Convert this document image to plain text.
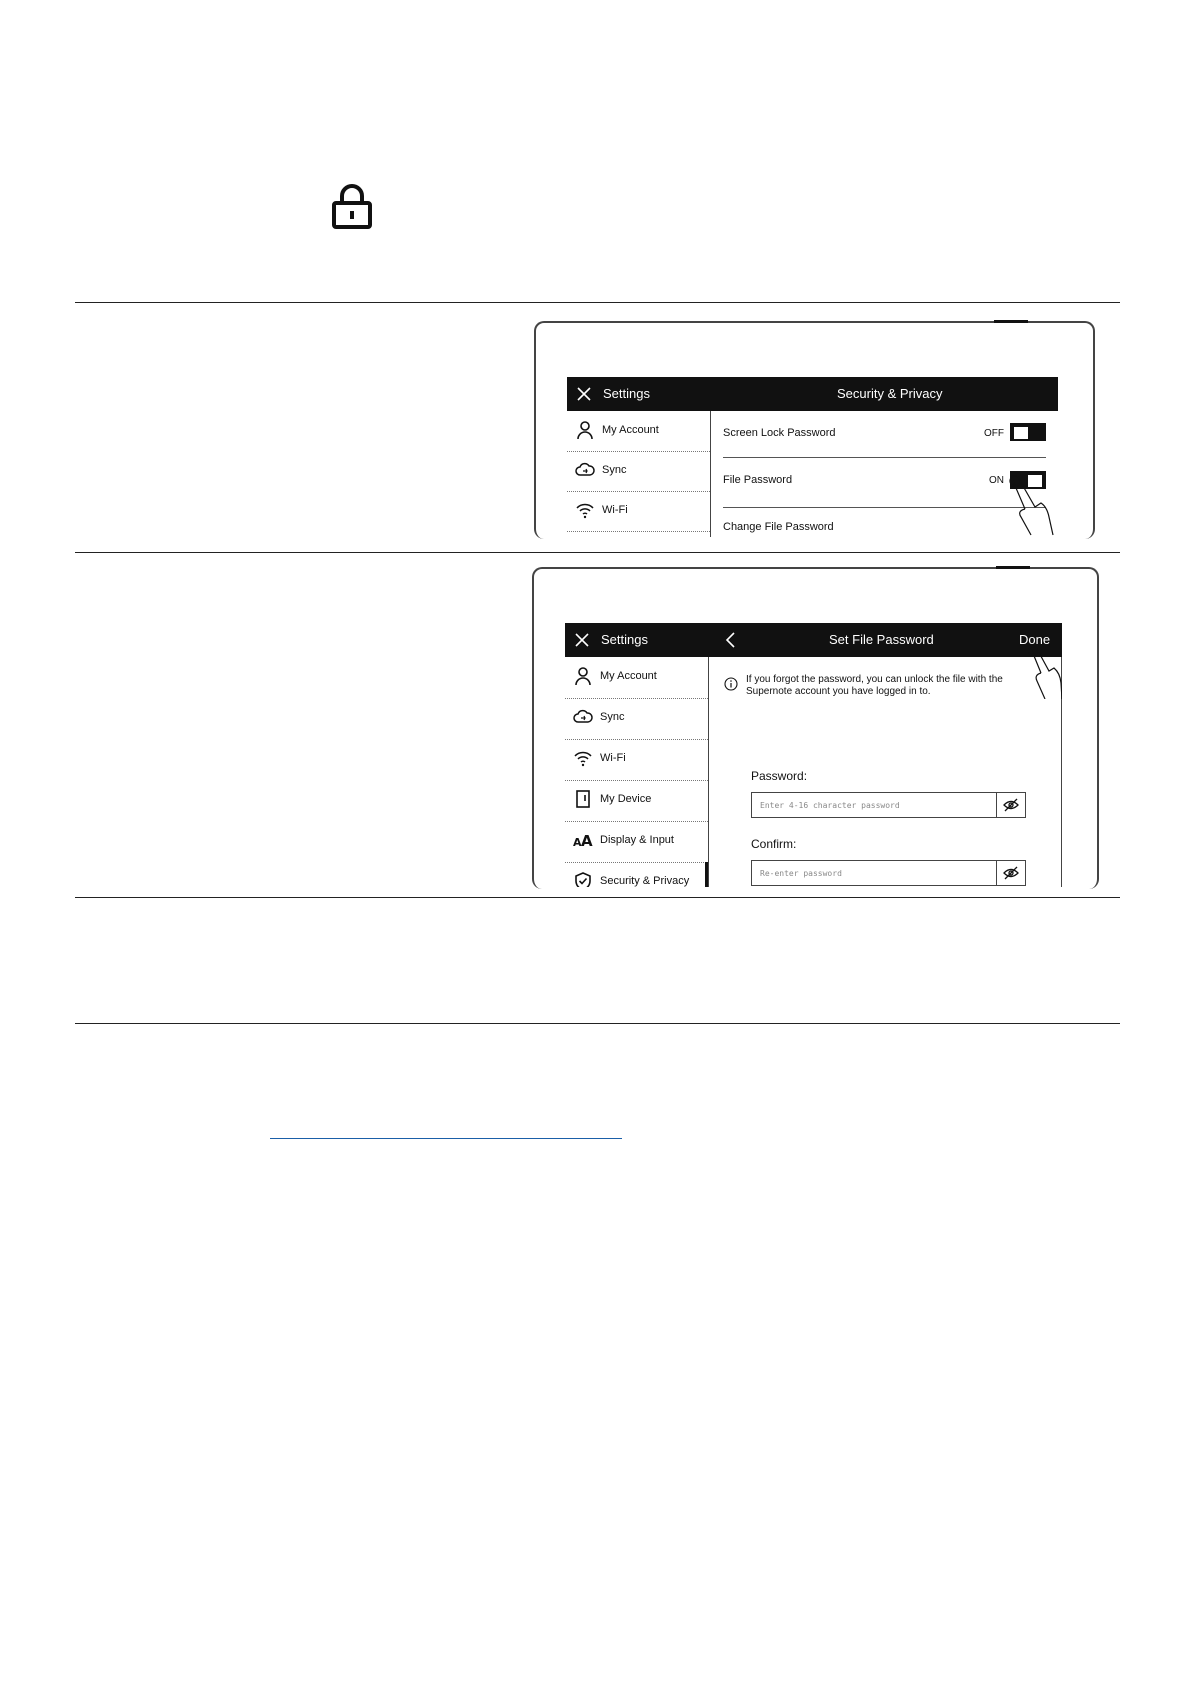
Settings	Security & Privacy
My Account
Sync
Wi-Fi
Screen Lock Password	OFF
File Password	ON
Change File Password
Settings	Set File Password	Done
My Account
Sync
Wi-Fi
My Device
A A Display & Input
Security & Privacy
If you forgot the password, you can unlock the file with the
Supernote account you have logged in to.
Password:
Enter 4-16 character password
Confirm:
Re-enter password
